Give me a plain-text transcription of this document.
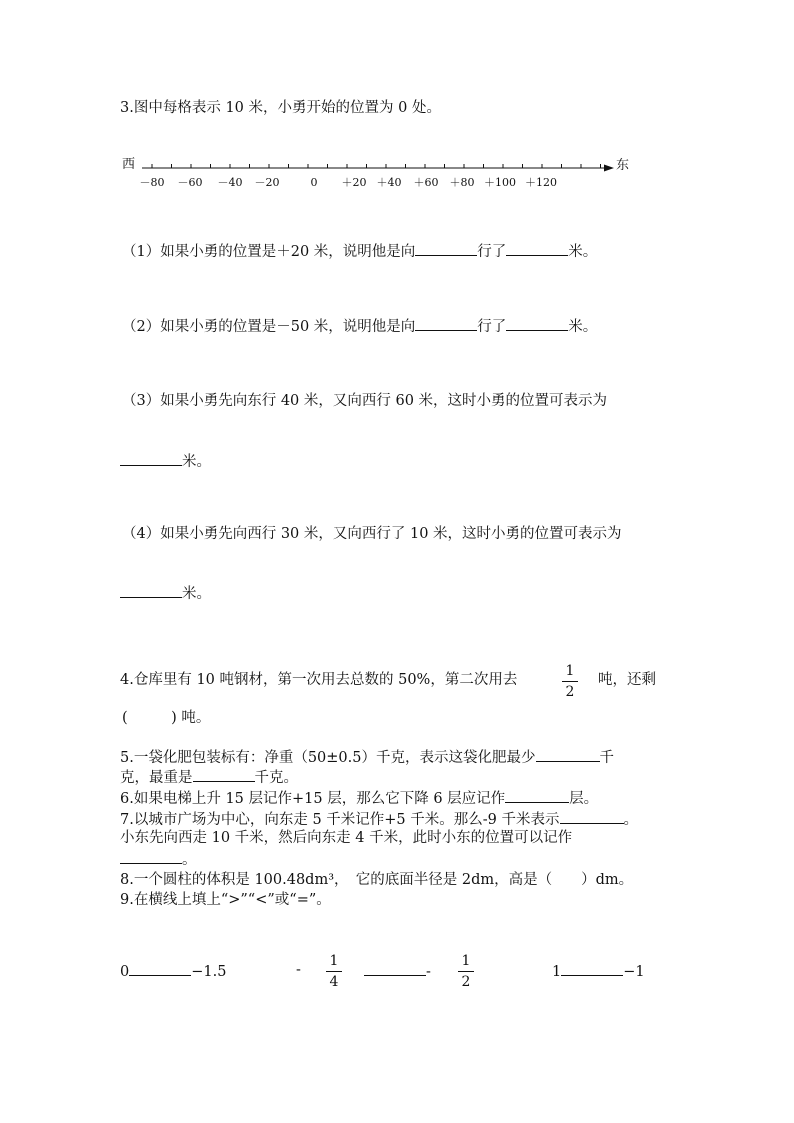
3.图中每格表示 10 米，小勇开始的位置为 0 处。
西	东
－80 －60 －40 －20	0 ＋20 ＋40 ＋60 ＋80 ＋100 ＋120
（1）如果小勇的位置是＋20 米，说明他是向	行了	米。
（2）如果小勇的位置是－50 米，说明他是向	行了	米。
（3）如果小勇先向东行 40 米，又向西行 60 米，这时小勇的位置可表示为
米。
（4）如果小勇先向西行 30 米，又向西行了 10 米，这时小勇的位置可表示为
米。
4.仓库里有 10 吨钢材，第一次用去总数的 50%，第二次用去
1
2
吨，还剩
(　　　) 吨。
5.一袋化肥包装标有：净重（50±0.5）千克，表示这袋化肥最少	千
克，最重是	千克。
6.如果电梯上升 15 层记作+15 层，那么它下降 6 层应记作	层。
7.以城市广场为中心，向东走 5 千米记作+5 千米。那么-9 千米表示	。
小东先向西走 10 千米，然后向东走 4 千米，此时小东的位置可以记作
。
8.一个圆柱的体积是 100.48dm³，　它的底面半径是 2dm，高是（　　）dm。
9.在横线上填上“>”“<”或“=”。
0	−1.5	-
1
4
-
1
2
1	−1
